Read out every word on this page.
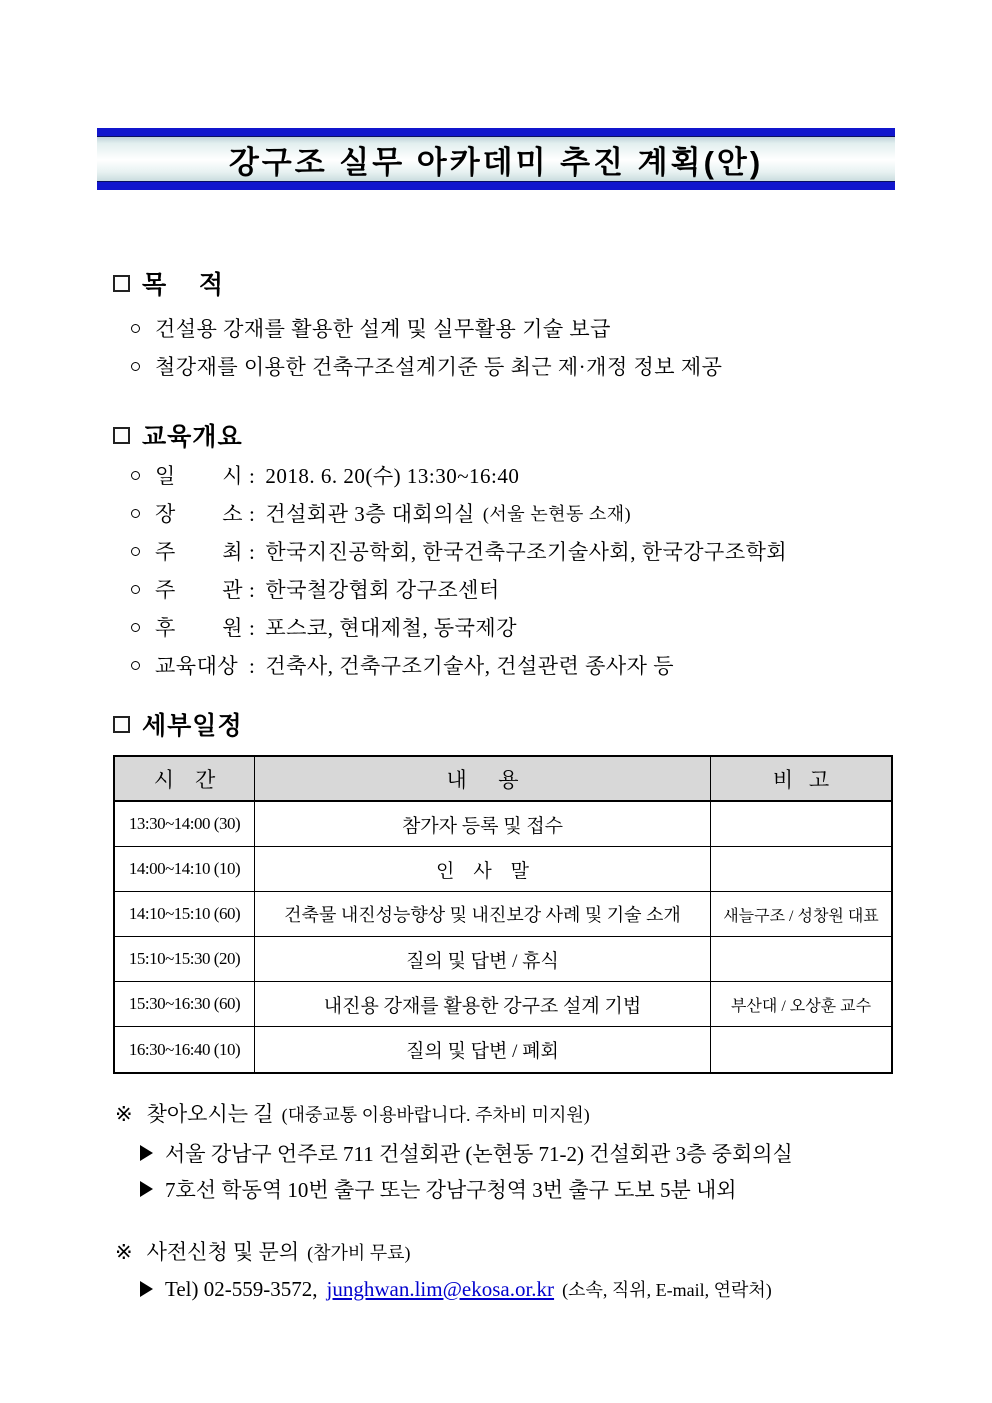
강구조 실무 아카데미 추진 계획(안)
목    적
건설용 강재를 활용한 설계 및 실무활용 기술 보급
철강재를 이용한 건축구조설계기준 등 최근 제·개정 정보 제공
교육개요
일 시 : 2018. 6. 20(수) 13:30~16:40
장 소 : 건설회관 3층 대회의실 (서울 논현동 소재)
주 최 : 한국지진공학회, 한국건축구조기술사회, 한국강구조학회
주 관 : 한국철강협회 강구조센터
후 원 : 포스코, 현대제철, 동국제강
교육대상 : 건축사, 건축구조기술사, 건설관련 종사자 등
세부일정
시    간	내      용	비   고
13:30~14:00 (30)	참가자 등록 및 접수
14:00~14:10 (10)	인    사    말
14:10~15:10 (60)	건축물 내진성능향상 및 내진보강 사례 및 기술 소개	새늘구조 / 성창원 대표
15:10~15:30 (20)	질의 및 답변 / 휴식
15:30~16:30 (60)	내진용 강재를 활용한 강구조 설계 기법	부산대 / 오상훈 교수
16:30~16:40 (10)	질의 및 답변 / 폐회
※ 찾아오시는 길 (대중교통 이용바랍니다. 주차비 미지원)
서울 강남구 언주로 711 건설회관 (논현동 71-2) 건설회관 3층 중회의실
7호선 학동역 10번 출구 또는 강남구청역 3번 출구 도보 5분 내외
※ 사전신청 및 문의 (참가비 무료)
Tel) 02-559-3572, junghwan.lim@ekosa.or.kr (소속, 직위, E-mail, 연락처)
